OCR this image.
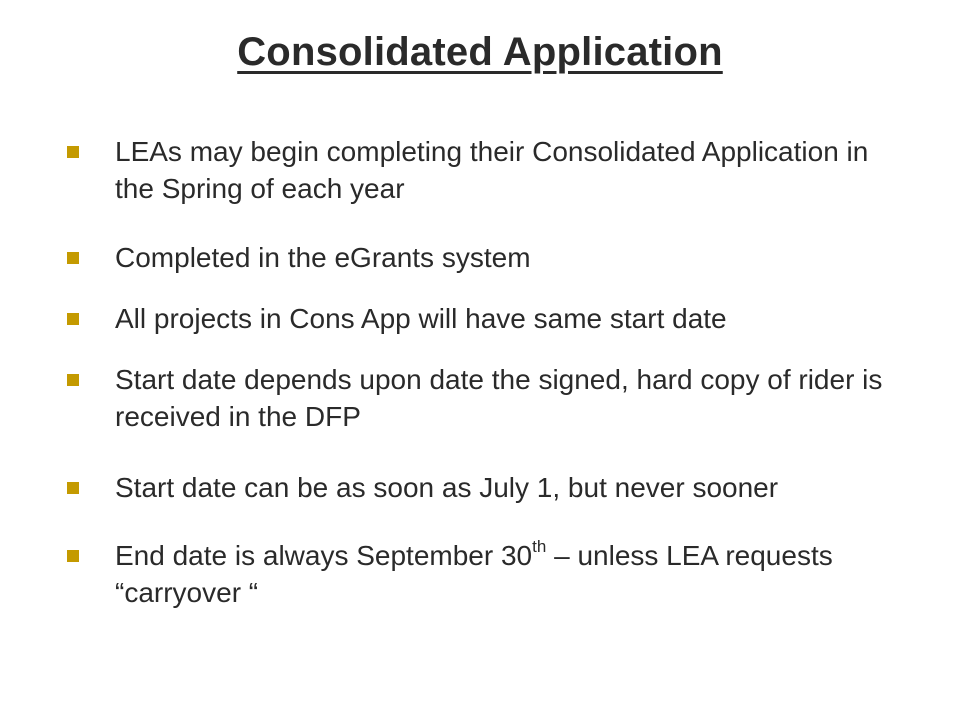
Consolidated Application
LEAs may begin completing their Consolidated Application in the Spring of each year
Completed in the eGrants system
All projects in Cons App will have same start date
Start date depends upon date the signed, hard copy of rider is received in the DFP
Start date can be as soon as July 1, but never sooner
End date is always September 30th – unless LEA requests “carryover “
